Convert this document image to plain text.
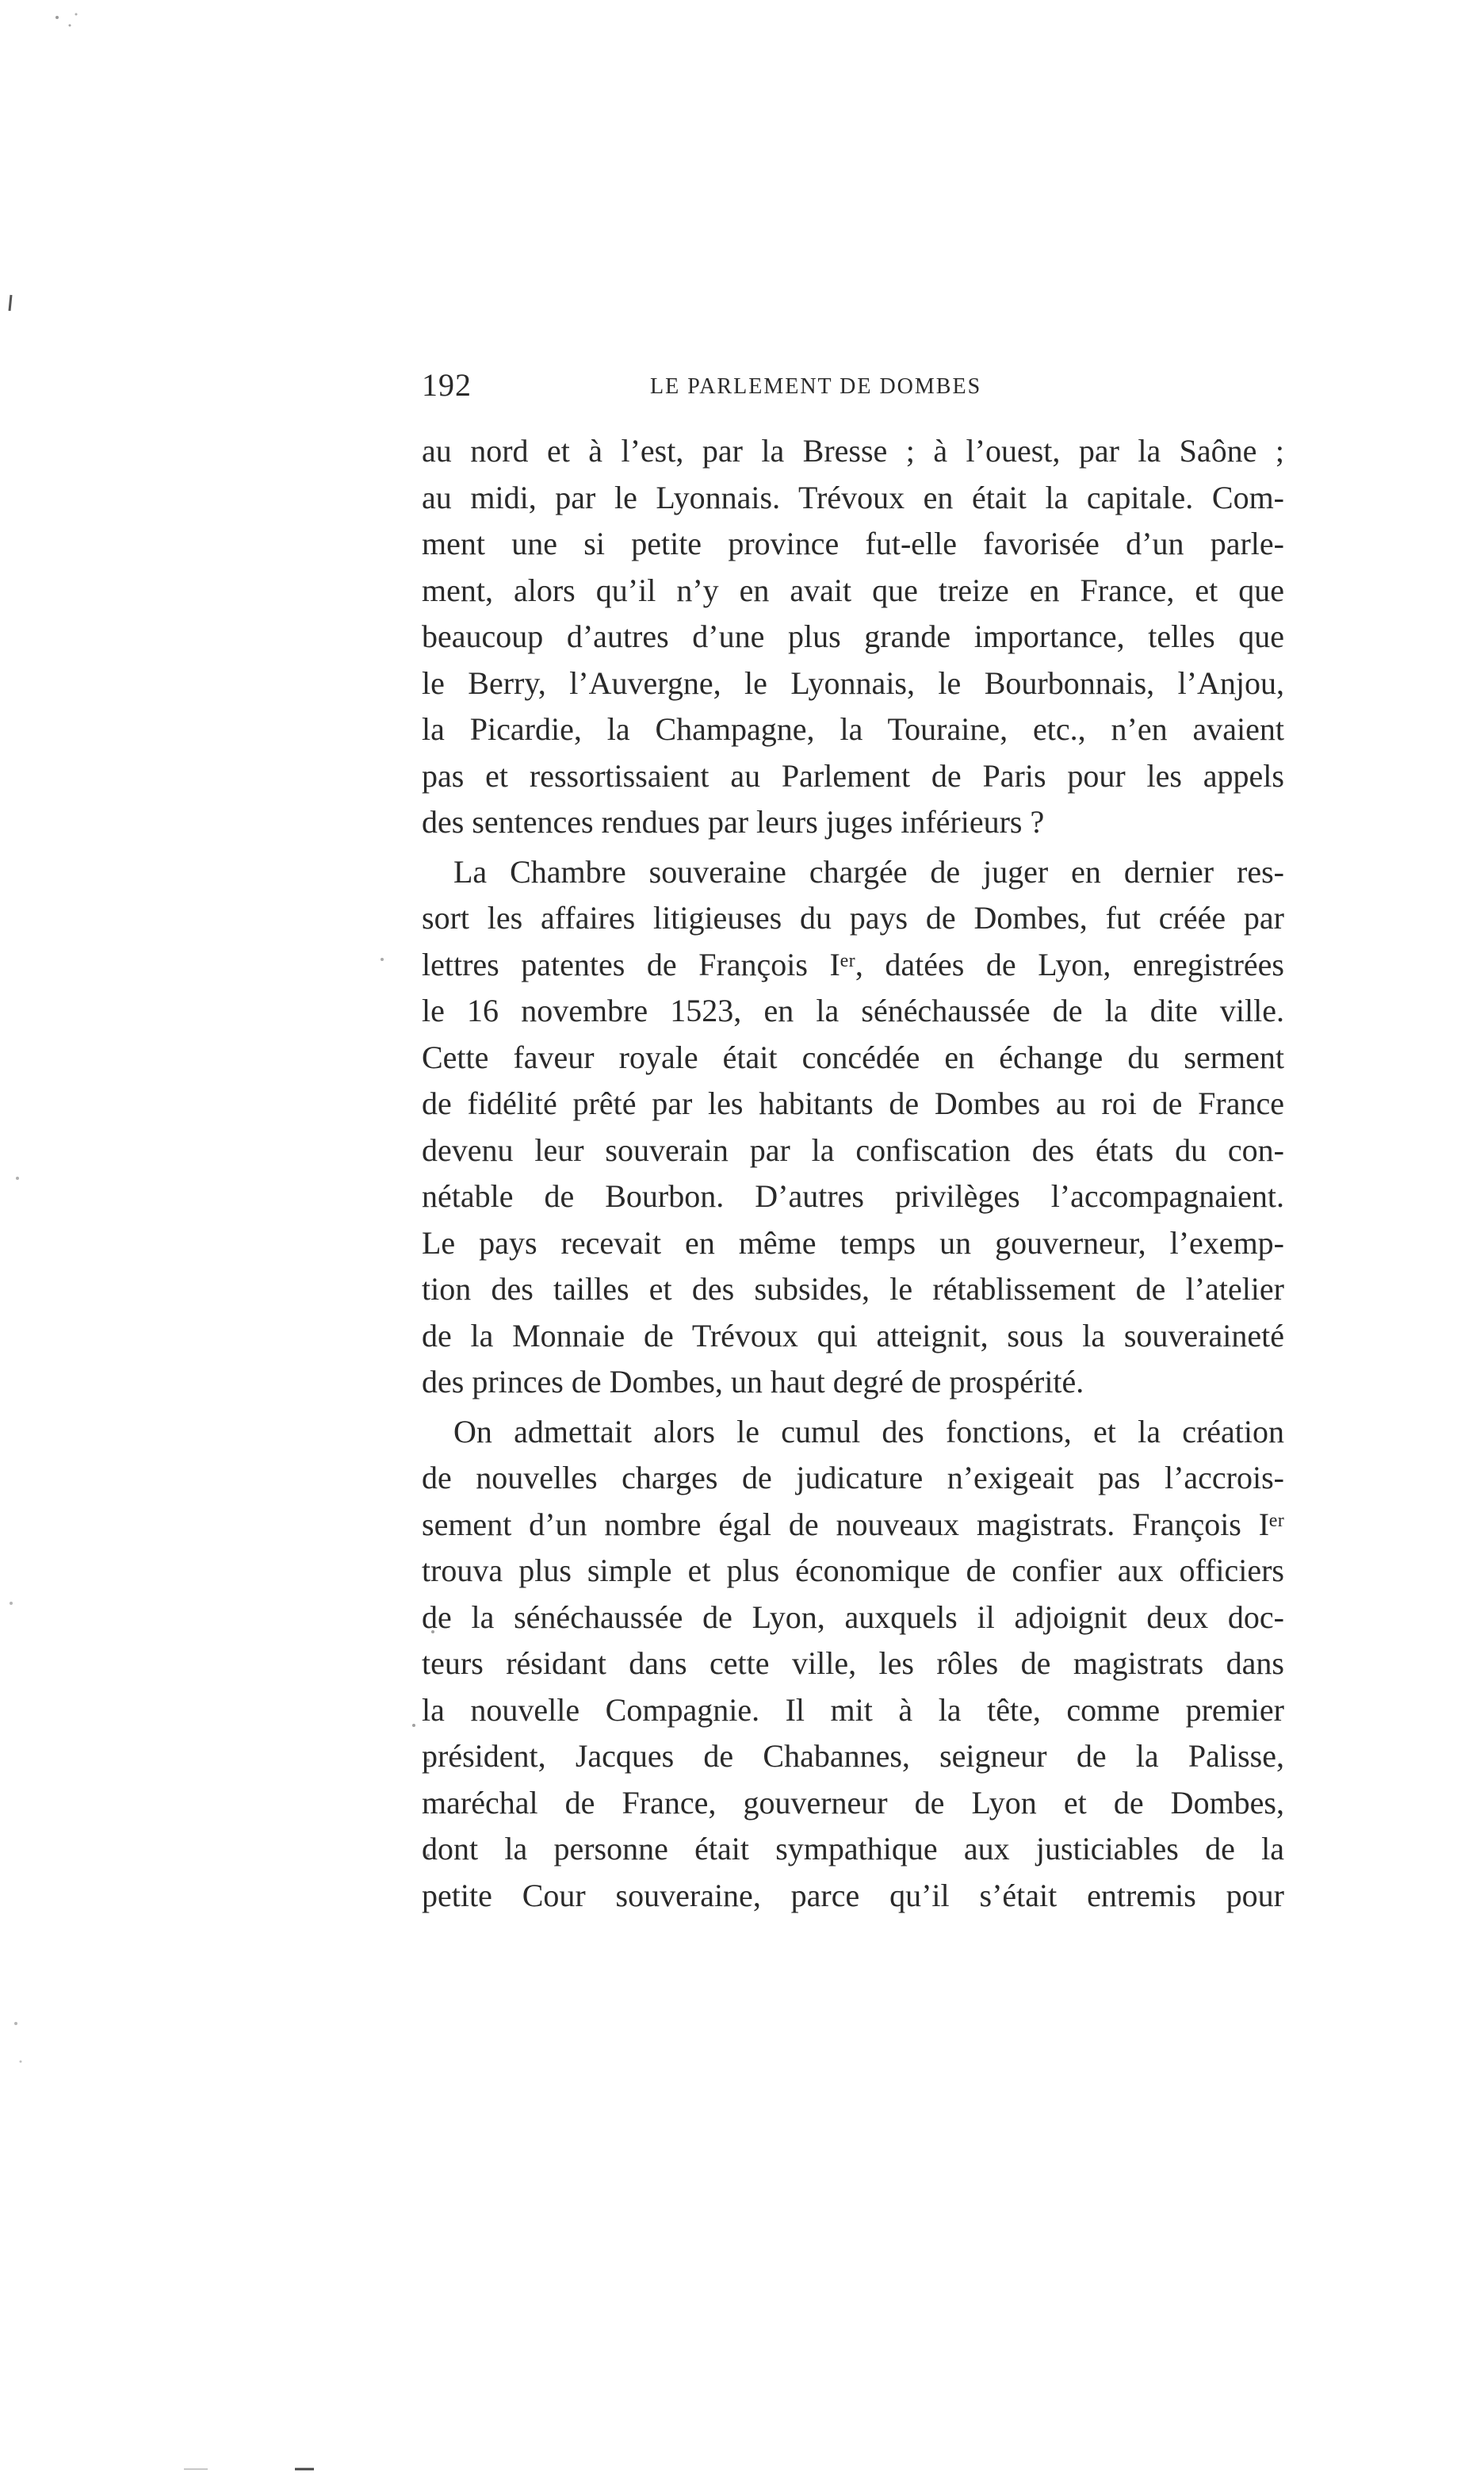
192	LE PARLEMENT DE DOMBES
au nord et à l’est, par la Bresse ; à l’ouest, par la Saône ;
au midi, par le Lyonnais. Trévoux en était la capitale. Com-
ment une si petite province fut-elle favorisée d’un parle-
ment, alors qu’il n’y en avait que treize en France, et que
beaucoup d’autres d’une plus grande importance, telles que
le Berry, l’Auvergne, le Lyonnais, le Bourbonnais, l’Anjou,
la Picardie, la Champagne, la Touraine, etc., n’en avaient
pas et ressortissaient au Parlement de Paris pour les appels
des sentences rendues par leurs juges inférieurs ?
La Chambre souveraine chargée de juger en dernier res-
sort les affaires litigieuses du pays de Dombes, fut créée par
lettres patentes de François Iᵉʳ, datées de Lyon, enregistrées
le 16 novembre 1523, en la sénéchaussée de la dite ville.
Cette faveur royale était concédée en échange du serment
de fidélité prêté par les habitants de Dombes au roi de France
devenu leur souverain par la confiscation des états du con-
nétable de Bourbon. D’autres privilèges l’accompagnaient.
Le pays recevait en même temps un gouverneur, l’exemp-
tion des tailles et des subsides, le rétablissement de l’atelier
de la Monnaie de Trévoux qui atteignit, sous la souveraineté
des princes de Dombes, un haut degré de prospérité.
On admettait alors le cumul des fonctions, et la création
de nouvelles charges de judicature n’exigeait pas l’accrois-
sement d’un nombre égal de nouveaux magistrats. François Iᵉʳ
trouva plus simple et plus économique de confier aux officiers
de la sénéchaussée de Lyon, auxquels il adjoignit deux doc-
teurs résidant dans cette ville, les rôles de magistrats dans
la nouvelle Compagnie. Il mit à la tête, comme premier
président, Jacques de Chabannes, seigneur de la Palisse,
maréchal de France, gouverneur de Lyon et de Dombes,
dont la personne était sympathique aux justiciables de la
petite Cour souveraine, parce qu’il s’était entremis pour
